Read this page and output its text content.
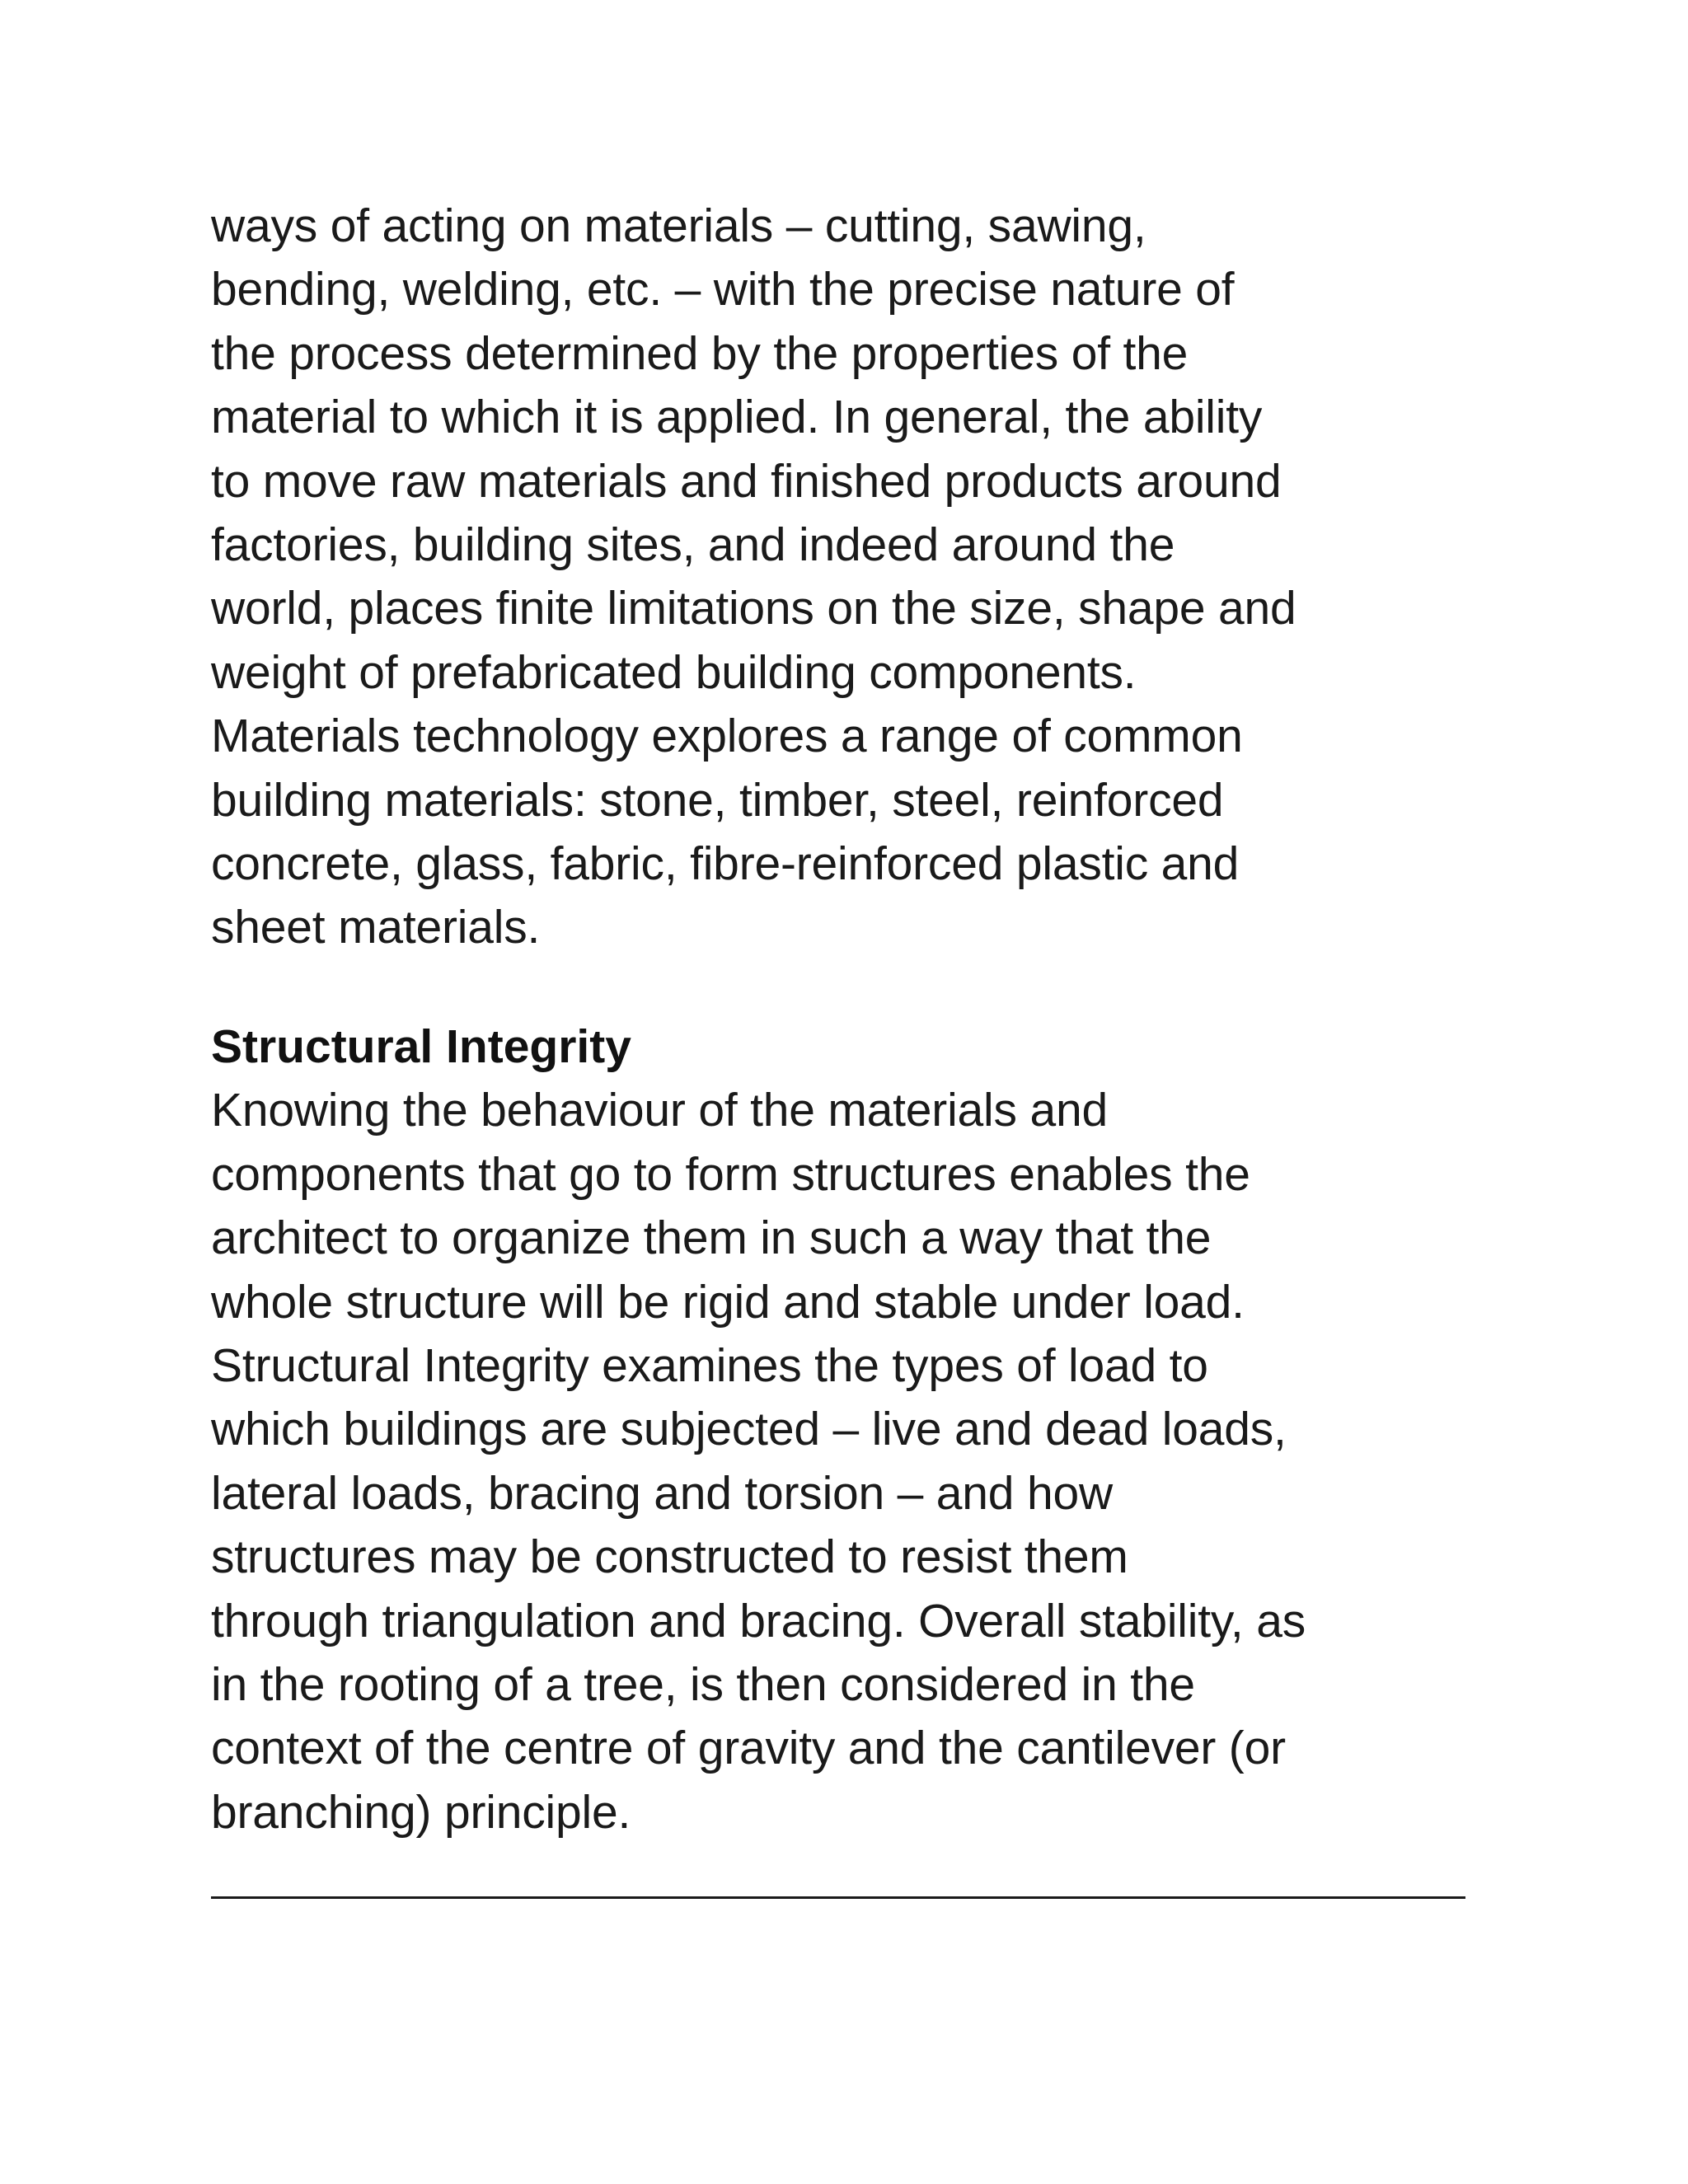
ways of acting on materials – cutting, sawing,
bending, welding, etc. – with the precise nature of
the process determined by the properties of the
material to which it is applied. In general, the ability
to move raw materials and finished products around
factories, building sites, and indeed around the
world, places finite limitations on the size, shape and
weight of prefabricated building components.
Materials technology explores a range of common
building materials: stone, timber, steel, reinforced
concrete, glass, fabric, fibre-reinforced plastic and
sheet materials.

Structural Integrity

Knowing the behaviour of the materials and
components that go to form structures enables the
architect to organize them in such a way that the
whole structure will be rigid and stable under load.
Structural Integrity examines the types of load to
which buildings are subjected – live and dead loads,
lateral loads, bracing and torsion – and how
structures may be constructed to resist them
through triangulation and bracing. Overall stability, as
in the rooting of a tree, is then considered in the
context of the centre of gravity and the cantilever (or
branching) principle.
